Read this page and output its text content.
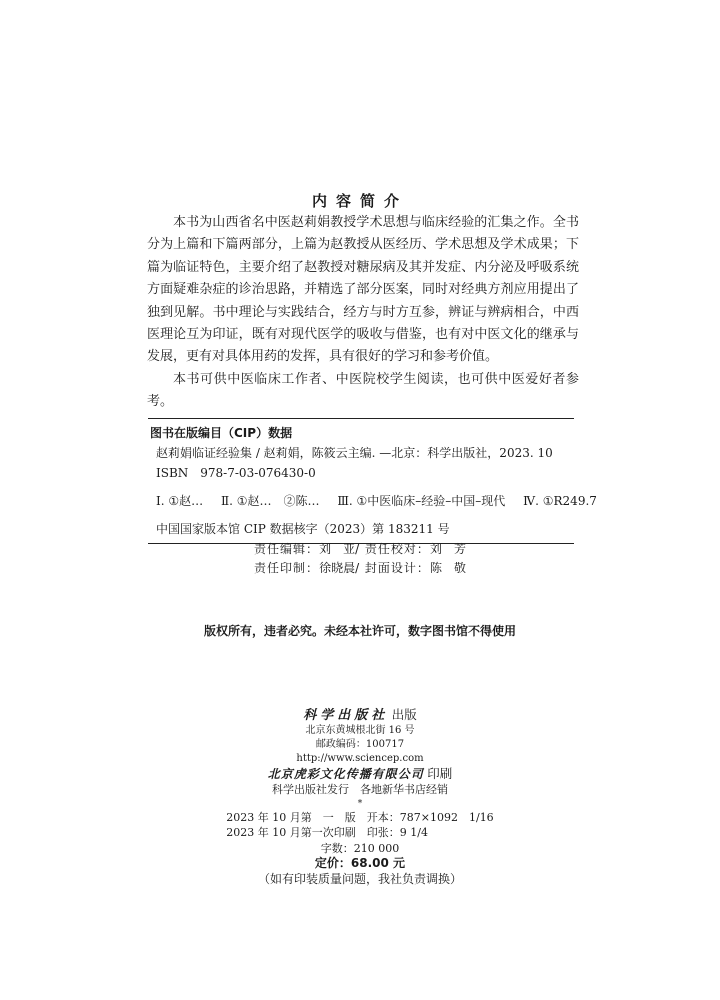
内容简介

本书为山西省名中医赵莉娟教授学术思想与临床经验的汇集之作。全书分为上篇和下篇两部分，上篇为赵教授从医经历、学术思想及学术成果；下篇为临证特色，主要介绍了赵教授对糖尿病及其并发症、内分泌及呼吸系统方面疑难杂症的诊治思路，并精选了部分医案，同时对经典方剂应用提出了独到见解。书中理论与实践结合，经方与时方互参，辨证与辨病相合，中西医理论互为印证，既有对现代医学的吸收与借鉴，也有对中医文化的继承与发展，更有对具体用药的发挥，具有很好的学习和参考价值。

本书可供中医临床工作者、中医院校学生阅读，也可供中医爱好者参考。

图书在版编目（CIP）数据
赵莉娟临证经验集 / 赵莉娟，陈筱云主编. —北京：科学出版社，2023. 10
ISBN　978-7-03-076430-0
Ⅰ. ①赵… Ⅱ. ①赵…　②陈… Ⅲ. ①中医临床–经验–中国–现代 Ⅳ. ①R249.7
中国国家版本馆 CIP 数据核字（2023）第 183211 号
责任编辑：刘　亚/ 责任校对：刘　芳
责任印制：徐晓晨/ 封面设计：陈　敬
版权所有，违者必究。未经本社许可，数字图书馆不得使用
科学出版社 出版
北京东黄城根北街 16 号
邮政编码：100717
http://www.sciencep.com
北京虎彩文化传播有限公司 印刷
科学出版社发行　各地新华书店经销
*
2023 年 10 月第　一　版　开本：787×1092　1/16
2023 年 10 月第一次印刷　印张：9 1/4
字数：210 000
定价：68.00 元
（如有印装质量问题，我社负责调换）
